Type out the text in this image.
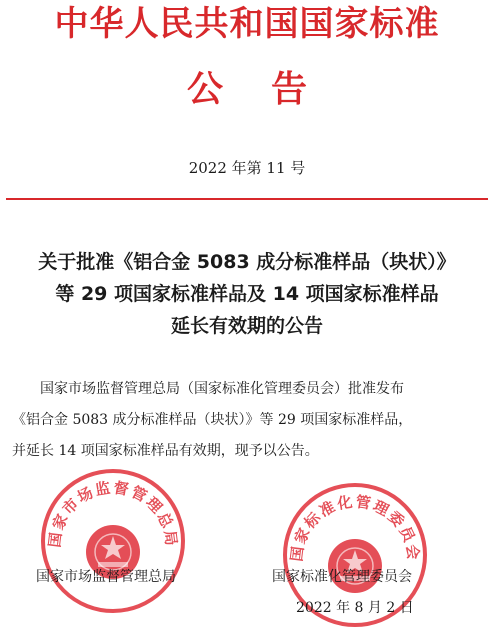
中华人民共和国国家标准
公告
2022 年第 11 号
关于批准《铝合金 5083 成分标准样品（块状）》
等 29 项国家标准样品及 14 项国家标准样品
延长有效期的公告
　　国家市场监督管理总局（国家标准化管理委员会）批准发布
《铝合金 5083 成分标准样品（块状）》等 29 项国家标准样品，
并延长 14 项国家标准样品有效期，现予以公告。
国家市场监督管理总局
国家标准化管理委员会
国家市场监督管理总局	国家标准化管理委员会
2022 年 8 月 2 日
